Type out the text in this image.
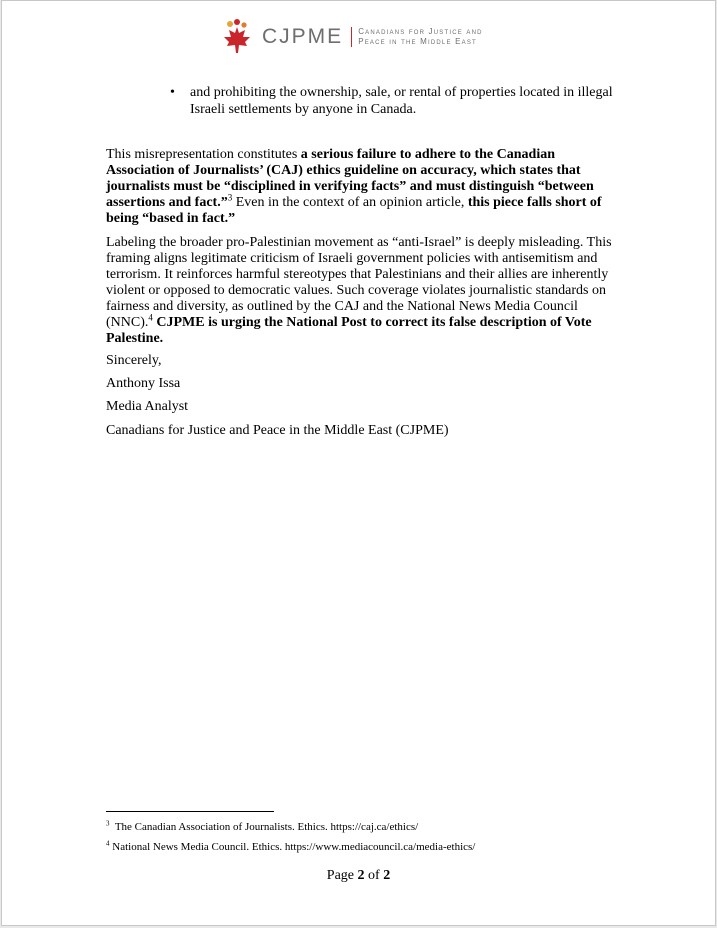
CJPME Canadians for Justice and
Peace in the Middle East
•	and prohibiting the ownership, sale, or rental of properties located in illegal Israeli settlements by anyone in Canada.
This misrepresentation constitutes a serious failure to adhere to the Canadian Association of Journalists’ (CAJ) ethics guideline on accuracy, which states that journalists must be “disciplined in verifying facts” and must distinguish “between assertions and fact.”$^3$ Even in the context of an opinion article, this piece falls short of being “based in fact.”
Labeling the broader pro-Palestinian movement as “anti-Israel” is deeply misleading. This framing aligns legitimate criticism of Israeli government policies with antisemitism and terrorism. It reinforces harmful stereotypes that Palestinians and their allies are inherently violent or opposed to democratic values. Such coverage violates journalistic standards on fairness and diversity, as outlined by the CAJ and the National News Media Council (NNC).$^4$ CJPME is urging the National Post to correct its false description of Vote Palestine.
Sincerely,
Anthony Issa
Media Analyst
Canadians for Justice and Peace in the Middle East (CJPME)
$^3$ The Canadian Association of Journalists. Ethics. https://caj.ca/ethics/
$^4$ National News Media Council. Ethics. https://www.mediacouncil.ca/media-ethics/
Page 2 of 2
